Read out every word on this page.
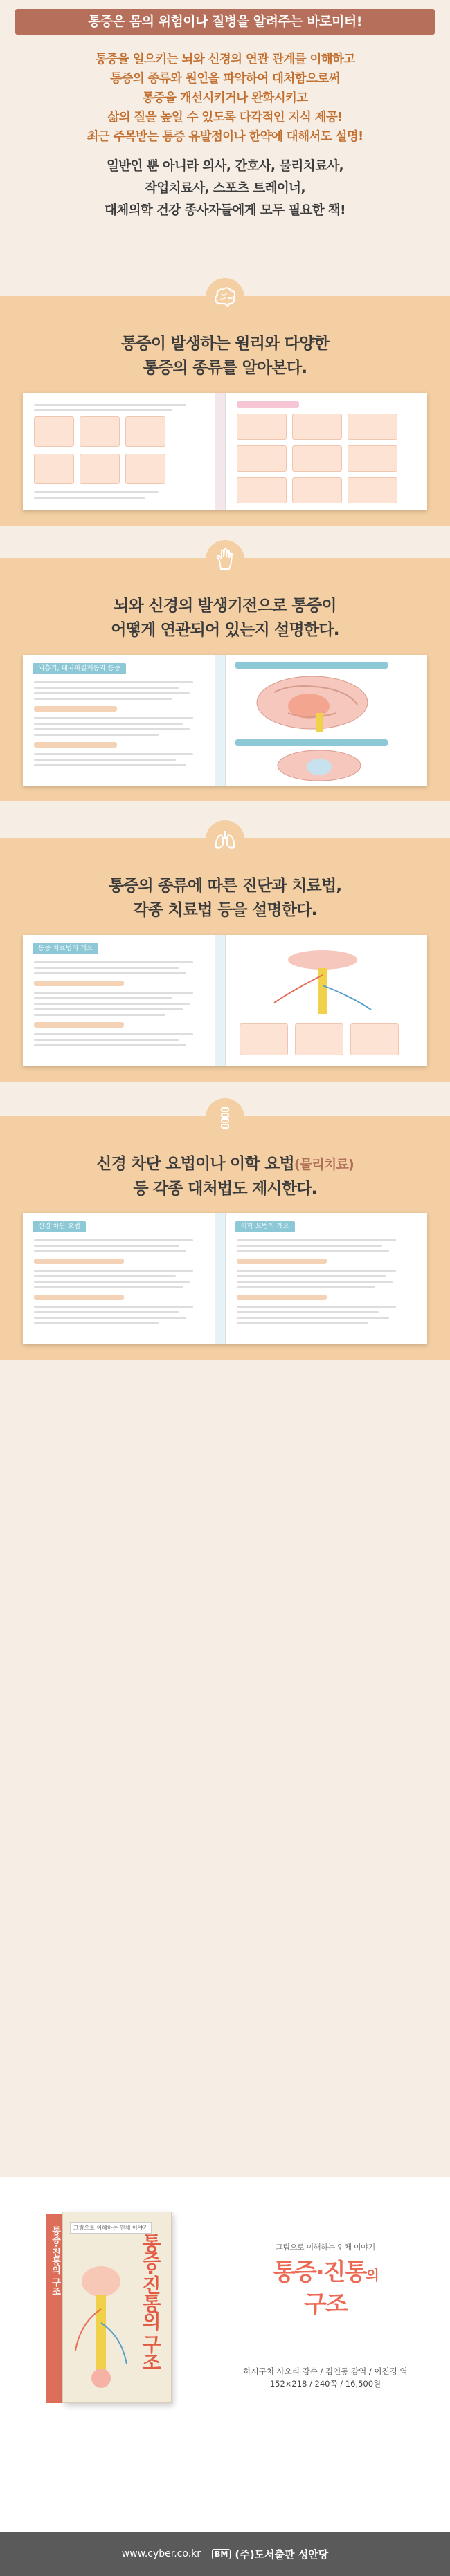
통증은 몸의 위험이나 질병을 알려주는 바로미터!
통증을 일으키는 뇌와 신경의 연관 관계를 이해하고
통증의 종류와 원인을 파악하여 대처함으로써
통증을 개선시키거나 완화시키고
삶의 질을 높일 수 있도록 다각적인 지식 제공!
최근 주목받는 통증 유발점이나 한약에 대해서도 설명!
일반인 뿐 아니라 의사, 간호사, 물리치료사,
작업치료사, 스포츠 트레이너,
대체의학 건강 종사자들에게 모두 필요한 책!
통증이 발생하는 원리와 다양한
통증의 종류를 알아본다.
뇌와 신경의 발생기전으로 통증이
어떻게 연관되어 있는지 설명한다.
뇌흥기, 대뇌피질계통과 통증
통증의 종류에 따른 진단과 치료법,
각종 치료법 등을 설명한다.
통증 치료법의 개요
신경 차단 요법이나 이학 요법(물리치료)
등 각종 대처법도 제시한다.
신경 차단 요법	이학 요법의 개요
통증·진통의 구조	그림으로 이해하는 인체 이야기
통증·진통의 구조	그림으로 이해하는 인체 이야기
통증·진통의
구조
하시구치 사오리 감수 / 김연동 감역 / 이진경 역
152×218 / 240쪽 / 16,500원
www.cyber.co.kr	BM (주)도서출판 성안당
